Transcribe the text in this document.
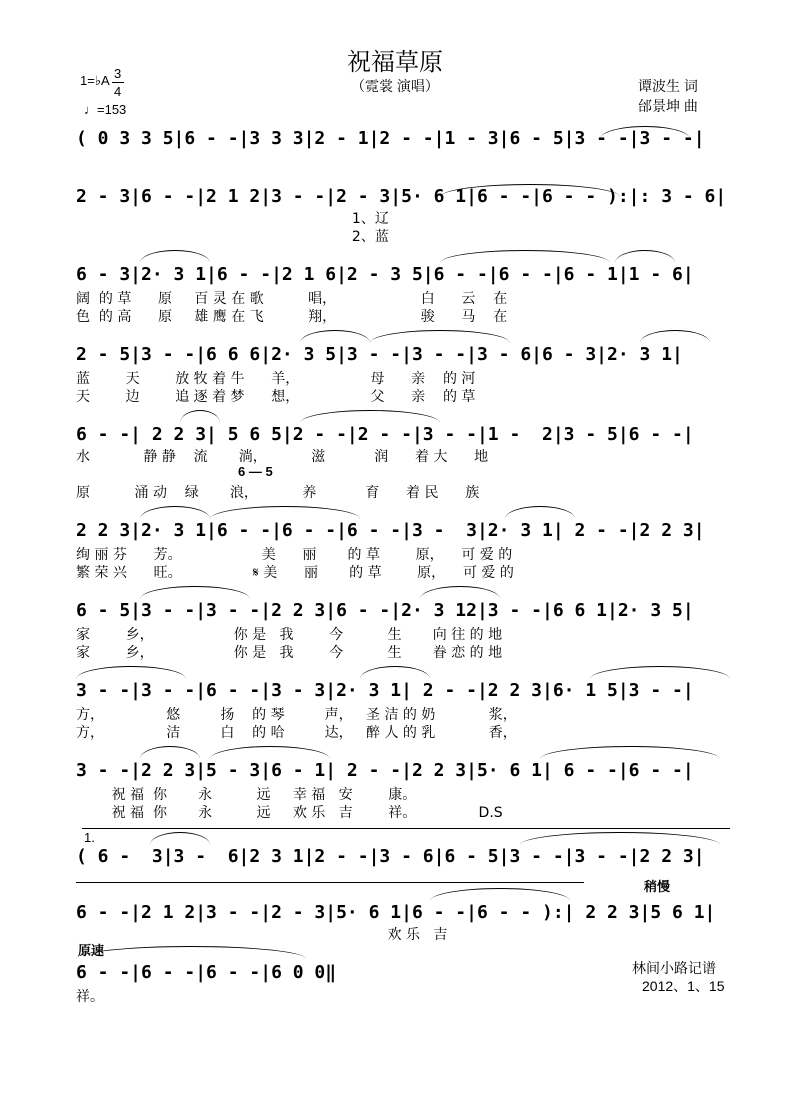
祝福草原
（霓裳 演唱）
1=♭A 3
4
♩=153
谭波生 词
邰景坤 曲
( 0 3 3 5|6 - -|3 3 3|2 - 1|2 - -|1 - 3|6 - 5|3 - -|3 - -|
2 - 3|6 - -|2 1 2|3 - -|2 - 3|5· 6 1|6 - -|6 - - ):|: 3 - 6|
1、辽
2、蓝
6 - 3|2· 3 1|6 - -|2 1 6|2 - 3 5|6 - -|6 - -|6 - 1|1 - 6|
阔  的 草      原     百 灵 在 歌          唱，                   白      云    在
色  的 高      原     雄 鹰 在 飞          翔，                   骏      马    在
2 - 5|3 - -|6 6 6|2· 3 5|3 - -|3 - -|3 - 6|6 - 3|2· 3 1|
蓝        天        放 牧 着 牛      羊，                母      亲    的 河
天        边        追 逐 着 梦      想，                父      亲    的 草
6 - -| 2 2 3| 5 6 5|2 - -|2 - -|3 - -|1 -  2|3 - 5|6 - -|
水            静 静    流       淌，          滋           润      着 大      地
6 — 5
原          涌 动    绿       浪，          养           育      着 民      族
2 2 3|2· 3 1|6 - -|6 - -|6 - -|3 -  3|2· 3 1| 2 - -|2 2 3|
绚 丽 芬      芳。                  美      丽       的 草        原，    可 爱 的
繁 荣 兴      旺。                𝄋 美      丽       的 草        原，    可 爱 的
6 - 5|3 - -|3 - -|2 2 3|6 - -|2· 3 12|3 - -|6 6 1|2· 3 5|
家        乡，                  你 是   我        今          生       向 往 的 地
家        乡，                  你 是   我        今          生       眷 恋 的 地
3 - -|3 - -|6 - -|3 - 3|2· 3 1| 2 - -|2 2 3|6· 1 5|3 - -|
方，              悠         扬    的 琴         声，   圣 洁 的 奶            浆，
方，              洁         白    的 哈         达，   醉 人 的 乳            香，
3 - -|2 2 3|5 - 3|6 - 1| 2 - -|2 2 3|5· 6 1| 6 - -|6 - -|
祝 福  你       永          远     幸 福   安        康。
祝 福  你       永          远     欢 乐   吉        祥。              D.S
1.
( 6 -  3|3 -  6|2 3 1|2 - -|3 - 6|6 - 5|3 - -|3 - -|2 2 3|
稍慢
6 - -|2 1 2|3 - -|2 - 3|5· 6 1|6 - -|6 - - ):| 2 2 3|5 6 1|
欢 乐   吉
原速
6 - -|6 - -|6 - -|6 0 0‖
祥。
林间小路记谱
2012、1、15
